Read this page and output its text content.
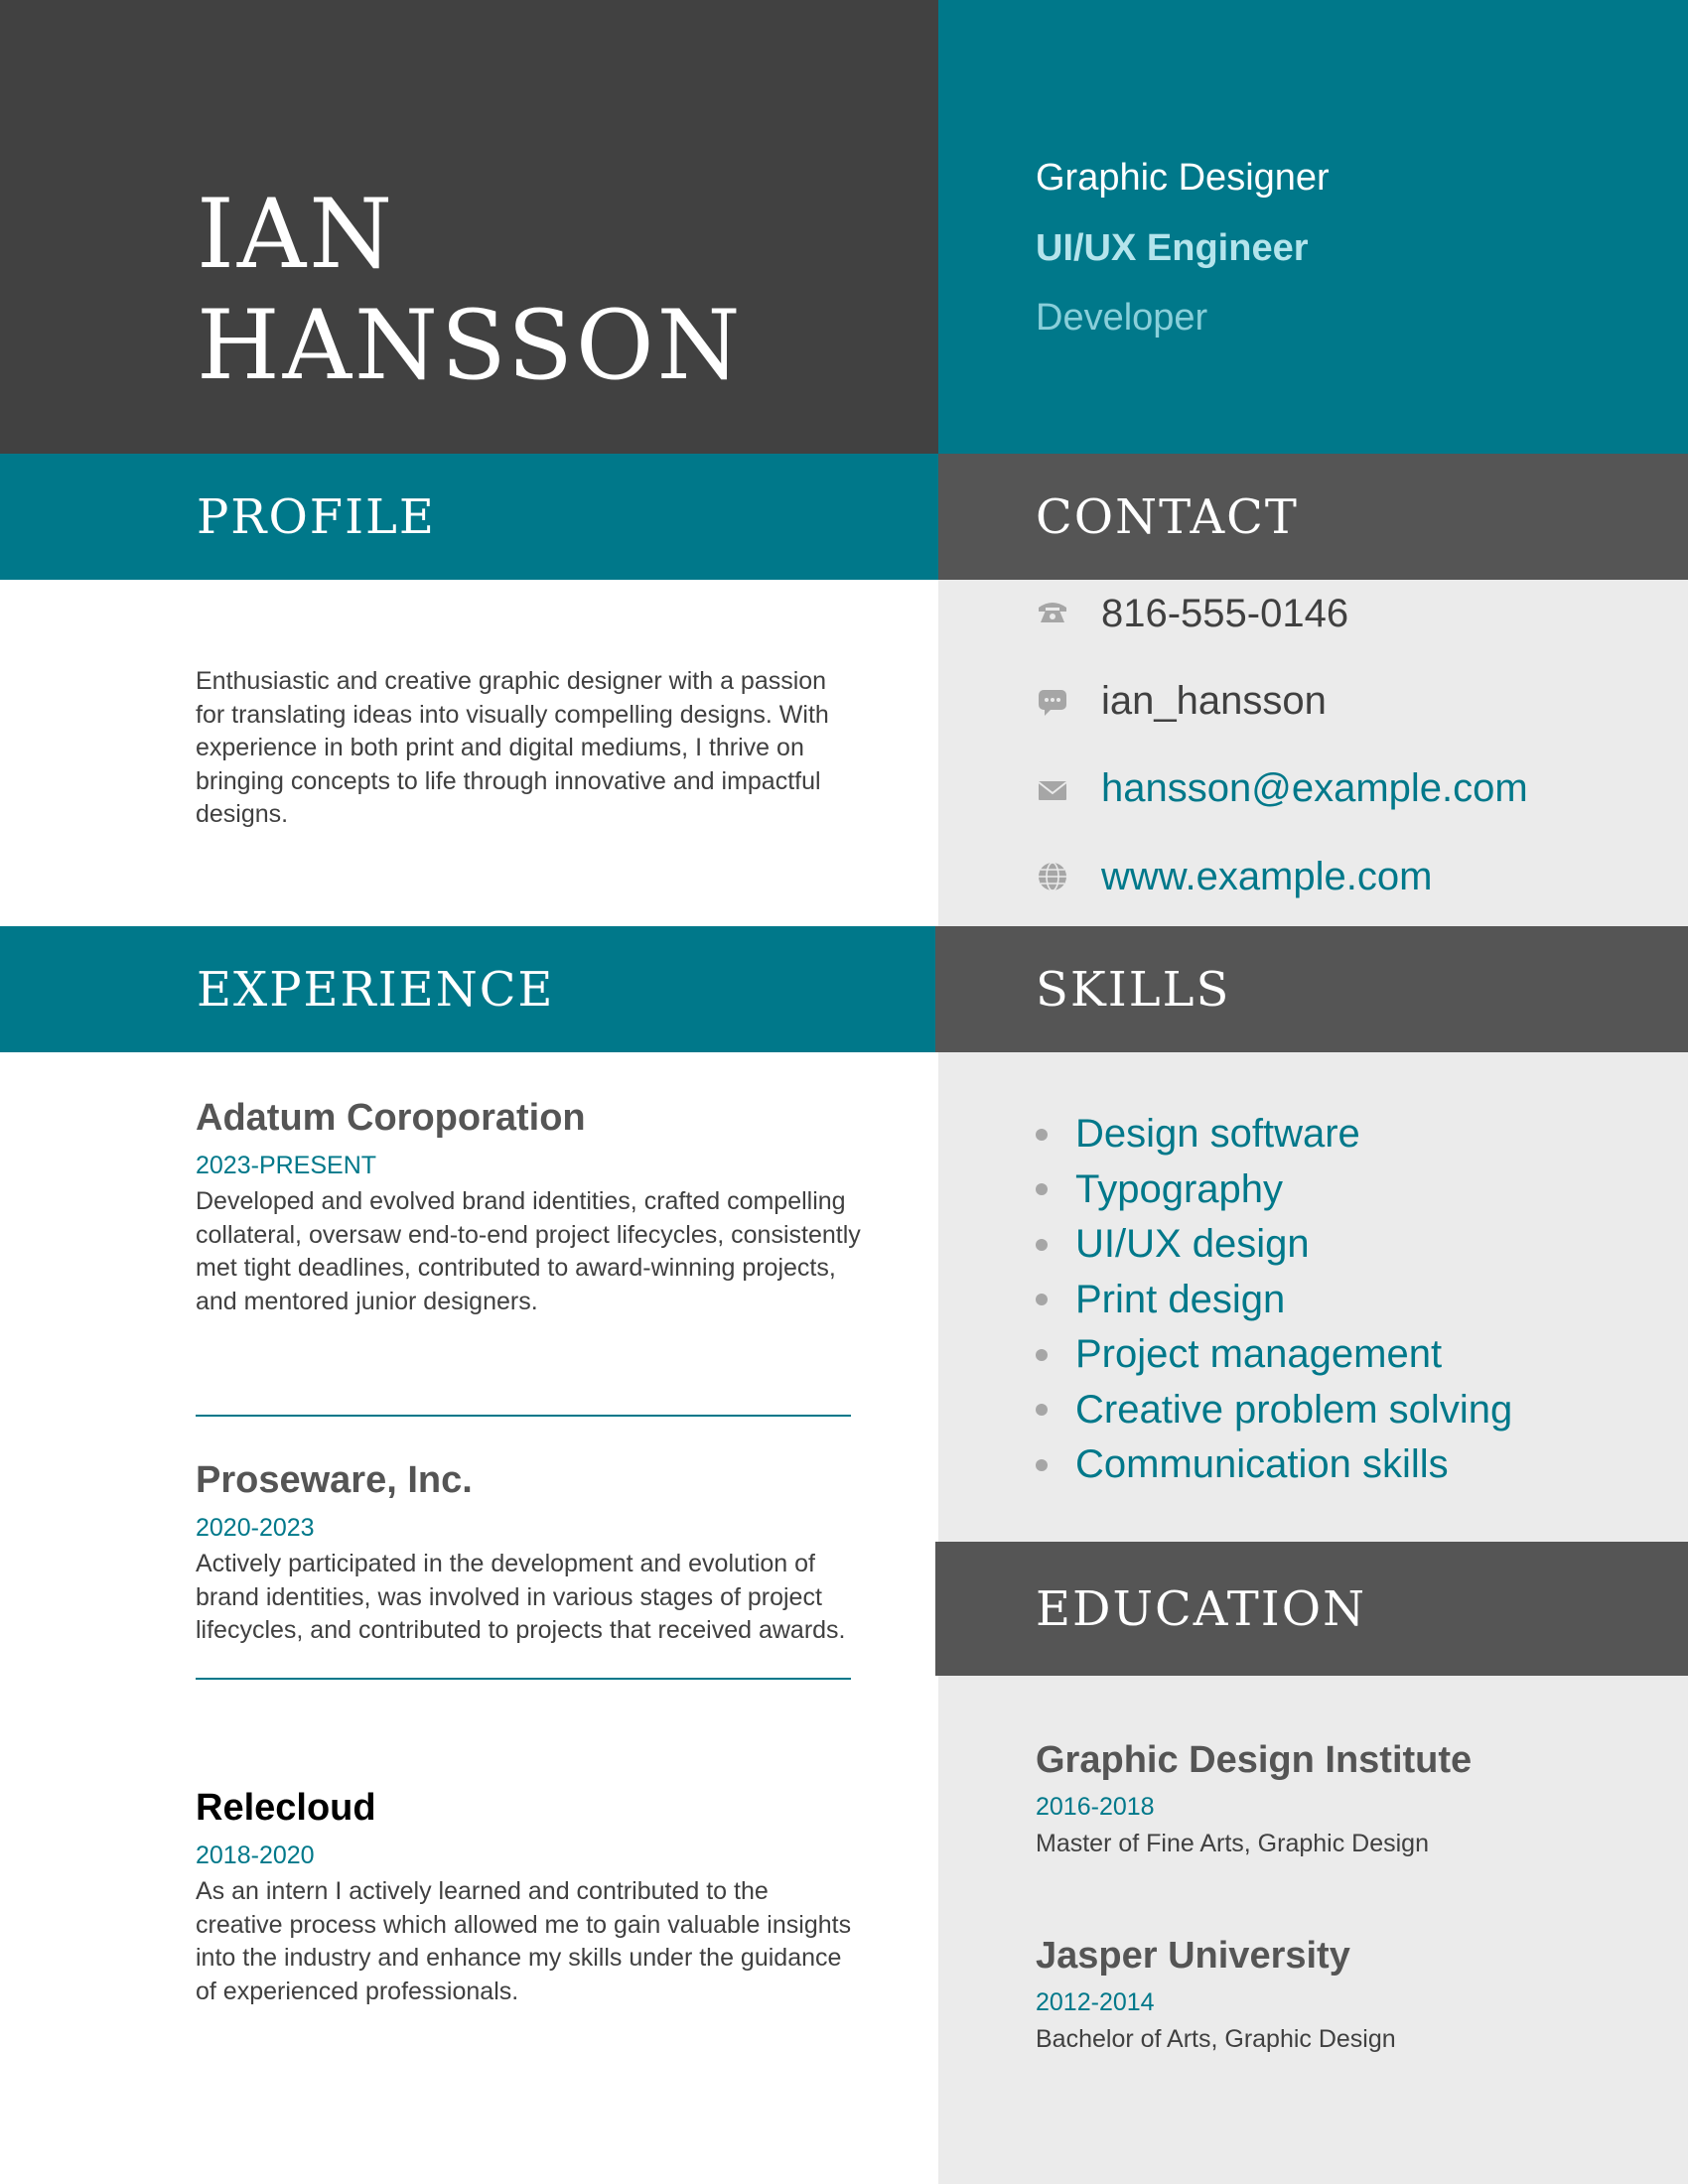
IAN
HANSSON
Graphic Designer
UI/UX Engineer
Developer
PROFILE	CONTACT
EXPERIENCE	SKILLS
EDUCATION
Enthusiastic and creative graphic designer with a passion for translating ideas into visually compelling designs. With experience in both print and digital mediums, I thrive on bringing concepts to life through innovative and impactful designs.
816-555-0146
ian_hansson
hansson@example.com
www.example.com
Design software
Typography
UI/UX design
Print design
Project management
Creative problem solving
Communication skills
Adatum Coroporation
2023-PRESENT
Developed and evolved brand identities, crafted compelling collateral, oversaw end-to-end project lifecycles, consistently met tight deadlines, contributed to award-winning projects, and mentored junior designers.
Proseware, Inc.
2020-2023
Actively participated in the development and evolution of brand identities, was involved in various stages of project lifecycles, and contributed to projects that received awards.
Relecloud
2018-2020
As an intern I actively learned and contributed to the creative process which allowed me to gain valuable insights into the industry and enhance my skills under the guidance of experienced professionals.
Graphic Design Institute
2016-2018
Master of Fine Arts, Graphic Design
Jasper University
2012-2014
Bachelor of Arts, Graphic Design
